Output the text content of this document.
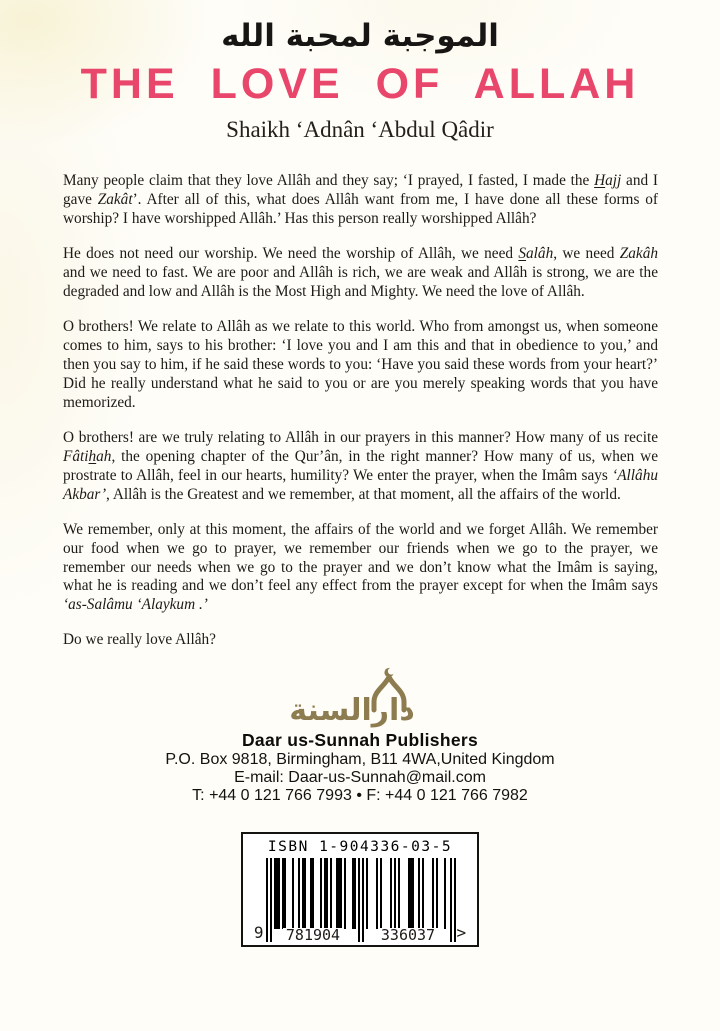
الموجبة لمحبة الله
THE LOVE OF ALLAH
Shaikh ‘Adnân ‘Abdul Qâdir

Many people claim that they love Allâh and they say; ‘I prayed, I fasted, I made the Hajj and I gave Zakât’. After all of this, what does Allâh want from me, I have done all these forms of worship? I have worshipped Allâh.’ Has this person really worshipped Allâh?

He does not need our worship. We need the worship of Allâh, we need Salâh, we need Zakâh and we need to fast. We are poor and Allâh is rich, we are weak and Allâh is strong, we are the degraded and low and Allâh is the Most High and Mighty. We need the love of Allâh.

O brothers! We relate to Allâh as we relate to this world. Who from amongst us, when someone comes to him, says to his brother: ‘I love you and I am this and that in obedience to you,’ and then you say to him, if he said these words to you: ‘Have you said these words from your heart?’ Did he really understand what he said to you or are you merely speaking words that you have memorized.

O brothers! are we truly relating to Allâh in our prayers in this manner? How many of us recite Fâtihah, the opening chapter of the Qur’ân, in the right manner? How many of us, when we prostrate to Allâh, feel in our hearts, humility? We enter the prayer, when the Imâm says ‘Allâhu Akbar’, Allâh is the Greatest and we remember, at that moment, all the affairs of the world.

We remember, only at this moment, the affairs of the world and we forget Allâh. We remember our food when we go to prayer, we remember our friends when we go to the prayer, we remember our needs when we go to the prayer and we don’t know what the Imâm is saying, what he is reading and we don’t feel any effect from the prayer except for when the Imâm says ‘as-Salâmu ‘Alaykum .’

Do we really love Allâh?

دارالسنة
Daar us-Sunnah Publishers
P.O. Box 9818, Birmingham, B11 4WA,United Kingdom
E-mail: Daar-us-Sunnah@mail.com
T: +44 0 121 766 7993 • F: +44 0 121 766 7982
ISBN 1-904336-03-5
9 781904	336037 >
